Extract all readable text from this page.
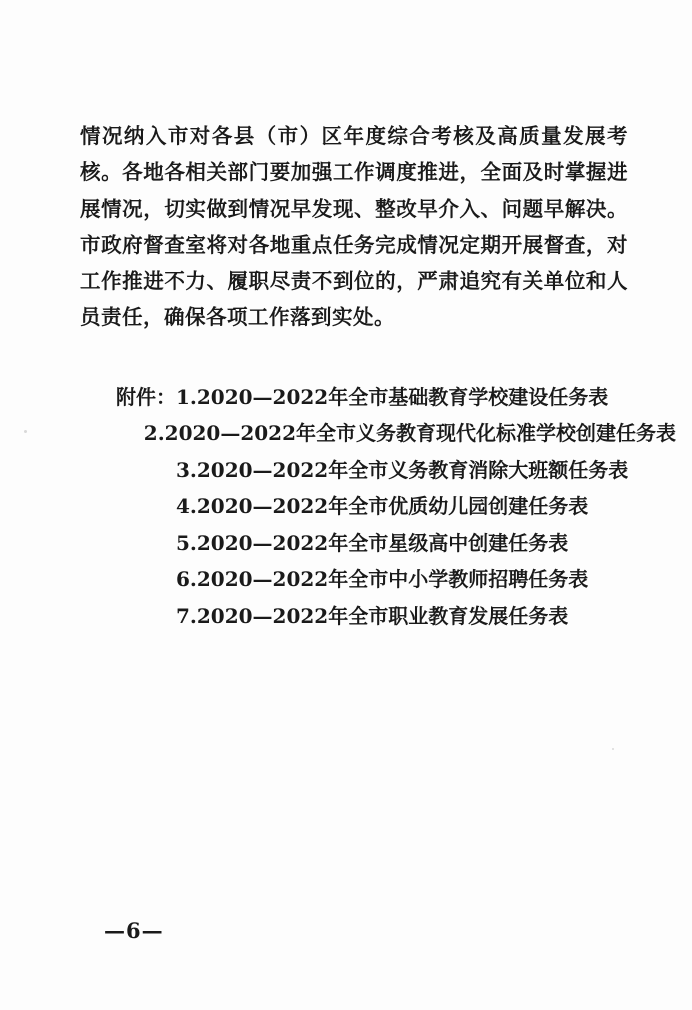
情况纳入市对各县（市）区年度综合考核及高质量发展考核。各地各相关部门要加强工作调度推进，全面及时掌握进展情况，切实做到情况早发现、整改早介入、问题早解决。市政府督查室将对各地重点任务完成情况定期开展督查，对工作推进不力、履职尽责不到位的，严肃追究有关单位和人员责任，确保各项工作落到实处。

附件： 1.2020—2022年全市基础教育学校建设任务表
2.2020—2022年全市义务教育现代化标准学校创建任务表
3.2020—2022年全市义务教育消除大班额任务表
4.2020—2022年全市优质幼儿园创建任务表
5.2020—2022年全市星级高中创建任务表
6.2020—2022年全市中小学教师招聘任务表
7.2020—2022年全市职业教育发展任务表
—6—
